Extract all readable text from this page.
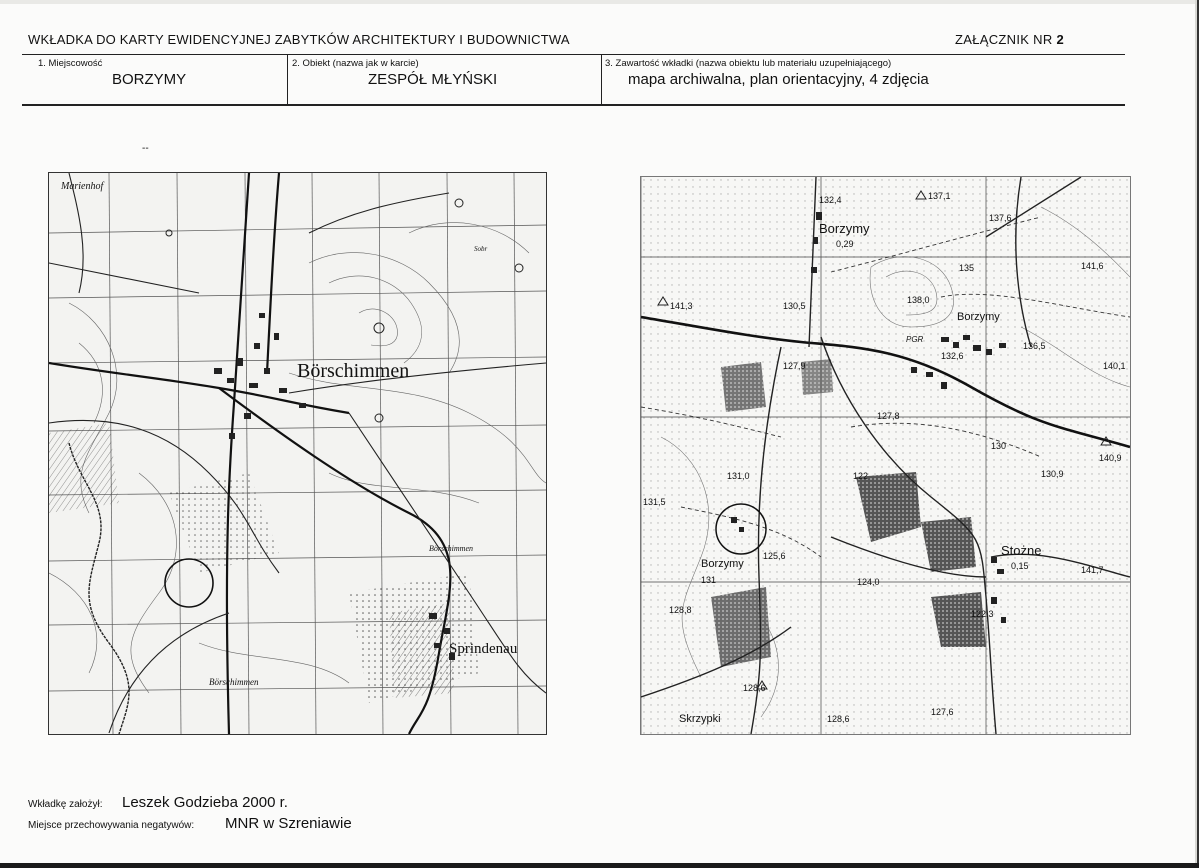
WKŁADKA DO KARTY EWIDENCYJNEJ ZABYTKÓW ARCHITEKTURY I BUDOWNICTWA	ZAŁĄCZNIK NR 2
1. Miejscowość
BORZYMY
2. Obiekt (nazwa jak w karcie)
ZESPÓŁ MŁYŃSKI
3. Zawartość wkładki (nazwa obiektu lub materiału uzupełniającego)
mapa archiwalna, plan orientacyjny, 4 zdjęcia
--
Börschimmen
Sprindenau
Börschimmen
Börschimmen
Marienhof
Sobr
Borzymy
Borzymy
Borzymy
Stożne
Skrzypki
PGR
137,1
137,6
132,4
130,5
0,29
135	141,6
141,3
138,0
136,5
132,6
140,1
127,9
127,8
140,9
122
131,0
131,5
125,6
124,0
141,7
0,15
128,8	122,3
128,6
128,6
127,6
130
131
130,9
Wkładkę założył: Leszek Godzieba 2000 r.
Miejsce przechowywania negatywów: MNR w Szreniawie
